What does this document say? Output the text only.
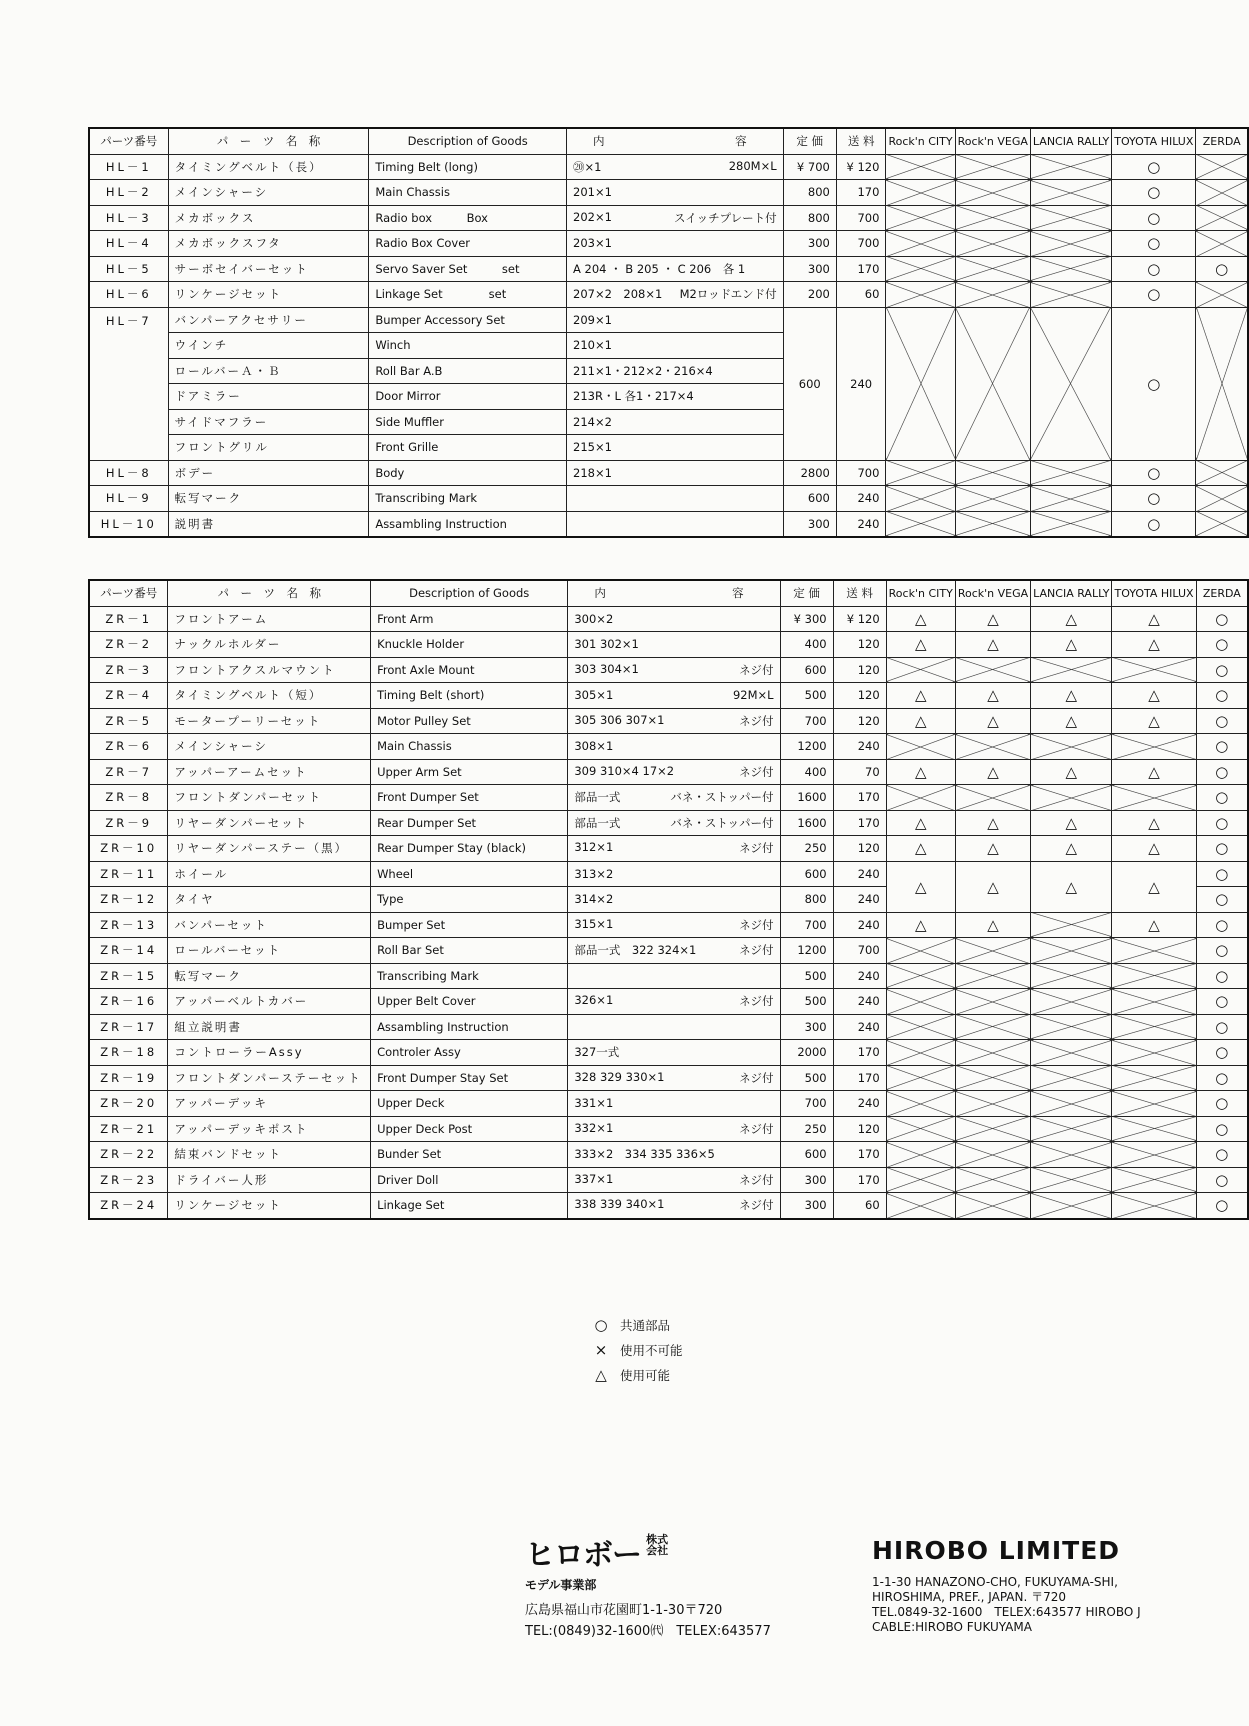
パーツ番号	パ　ー　ツ　名　称	Description of Goods	内 容	定 価	送 料	Rock'n CITY	Rock'n VEGA	LANCIA RALLY	TOYOTA HILUX	ZERDA
HL－1	タイミングベルト（長）	Timing Belt (long)	⑳×1 280M×L	¥ 700	¥ 120				○	
HL－2	メインシャーシ	Main Chassis	201×1	800	170				○	
HL－3	メカボックス	Radio box　　　Box	202×1 スイッチプレート付	800	700				○	
HL－4	メカボックスフタ	Radio Box Cover	203×1	300	700				○	
HL－5	サーボセイバーセット	Servo Saver Set　　　set	A 204 ・ B 205 ・ C 206　各 1	300	170				○	○
HL－6	リンケージセット	Linkage Set　　　　set	207×2　208×1 M2ロッドエンド付	200	60				○	
HL－7	バンパーアクセサリー	Bumper Accessory Set	209×1	600	240				○	
	ウインチ	Winch	210×1							

	ロールバーＡ・Ｂ	Roll Bar A.B	211×1・212×2・216×4							

	ドアミラー	Door Mirror	213R・L 各1・217×4							

	サイドマフラー	Side Muffler	214×2							

	フロントグリル	Front Grille	215×1							

HL－8	ボデー	Body	218×1	2800	700				○	
HL－9	転写マーク	Transcribing Mark		600	240				○	
HL－10	説明書	Assambling Instruction		300	240				○	
パーツ番号	パ　ー　ツ　名　称	Description of Goods	内 容	定 価	送 料	Rock'n CITY	Rock'n VEGA	LANCIA RALLY	TOYOTA HILUX	ZERDA
ZR－1	フロントアーム	Front Arm	300×2	¥ 300	¥ 120	△	△	△	△	○
ZR－2	ナックルホルダー	Knuckle Holder	301 302×1	400	120	△	△	△	△	○
ZR－3	フロントアクスルマウント	Front Axle Mount	303 304×1 ネジ付	600	120					○
ZR－4	タイミングベルト（短）	Timing Belt (short)	305×1 92M×L	500	120	△	△	△	△	○
ZR－5	モータープーリーセット	Motor Pulley Set	305 306 307×1 ネジ付	700	120	△	△	△	△	○
ZR－6	メインシャーシ	Main Chassis	308×1	1200	240					○
ZR－7	アッパーアームセット	Upper Arm Set	309 310×4 17×2 ネジ付	400	70	△	△	△	△	○
ZR－8	フロントダンパーセット	Front Dumper Set	部品一式 バネ・ストッパー付	1600	170					○
ZR－9	リヤーダンパーセット	Rear Dumper Set	部品一式 バネ・ストッパー付	1600	170	△	△	△	△	○
ZR－10	リヤーダンパーステー（黒）	Rear Dumper Stay (black)	312×1 ネジ付	250	120	△	△	△	△	○
ZR－11	ホイール	Wheel	313×2	600	240	△	△	△	△	○
ZR－12	タイヤ	Type	314×2	800	240					○
ZR－13	バンパーセット	Bumper Set	315×1 ネジ付	700	240	△	△		△	○
ZR－14	ロールバーセット	Roll Bar Set	部品一式　322 324×1 ネジ付	1200	700					○
ZR－15	転写マーク	Transcribing Mark		500	240					○
ZR－16	アッパーベルトカバー	Upper Belt Cover	326×1 ネジ付	500	240					○
ZR－17	組立説明書	Assambling Instruction		300	240					○
ZR－18	コントローラーAssy	Controler Assy	327一式	2000	170					○
ZR－19	フロントダンパーステーセット	Front Dumper Stay Set	328 329 330×1 ネジ付	500	170					○
ZR－20	アッパーデッキ	Upper Deck	331×1	700	240					○
ZR－21	アッパーデッキポスト	Upper Deck Post	332×1 ネジ付	250	120					○
ZR－22	結束バンドセット	Bunder Set	333×2　334 335 336×5	600	170					○
ZR－23	ドライバー人形	Driver Doll	337×1 ネジ付	300	170					○
ZR－24	リンケージセット	Linkage Set	338 339 340×1 ネジ付	300	60					○
○ 共通部品
× 使用不可能
△ 使用可能
ヒロボー 株式会社
モデル事業部
広島県福山市花園町1-1-30〒720
TEL:(0849)32-1600㈹　TELEX:643577
HIROBO LIMITED
1-1-30 HANAZONO-CHO, FUKUYAMA-SHI,
HIROSHIMA, PREF., JAPAN. 〒720
TEL.0849-32-1600　TELEX:643577 HIROBO J
CABLE:HIROBO FUKUYAMA
